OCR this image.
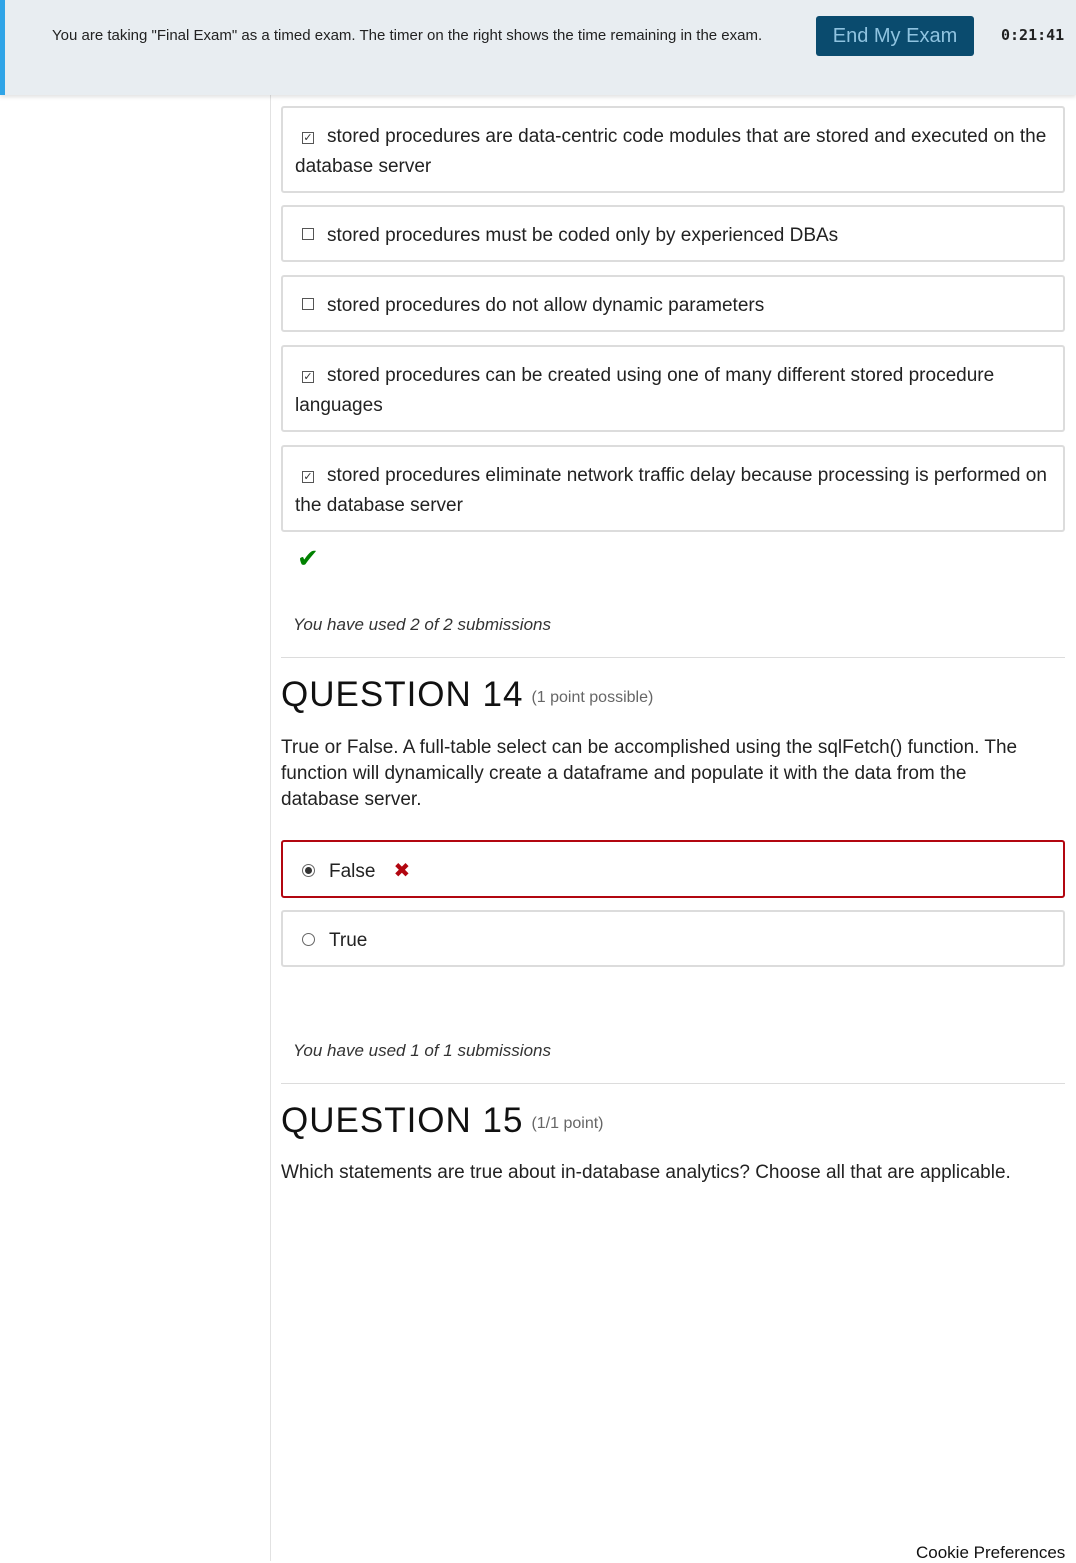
You are taking "Final Exam" as a timed exam. The timer on the right shows the time remaining in the exam.	End My Exam	0:21:41
✓ stored procedures are data-centric code modules that are stored and executed on the database server
stored procedures must be coded only by experienced DBAs
stored procedures do not allow dynamic parameters
✓ stored procedures can be created using one of many different stored procedure languages
✓ stored procedures eliminate network traffic delay because processing is performed on the database server
✔
You have used 2 of 2 submissions
QUESTION 14 (1 point possible)
True or False. A full-table select can be accomplished using the sqlFetch() function. The function will dynamically create a dataframe and populate it with the data from the database server.
False ✖
True
You have used 1 of 1 submissions
QUESTION 15 (1/1 point)
Which statements are true about in-database analytics? Choose all that are applicable.
Cookie Preferences
